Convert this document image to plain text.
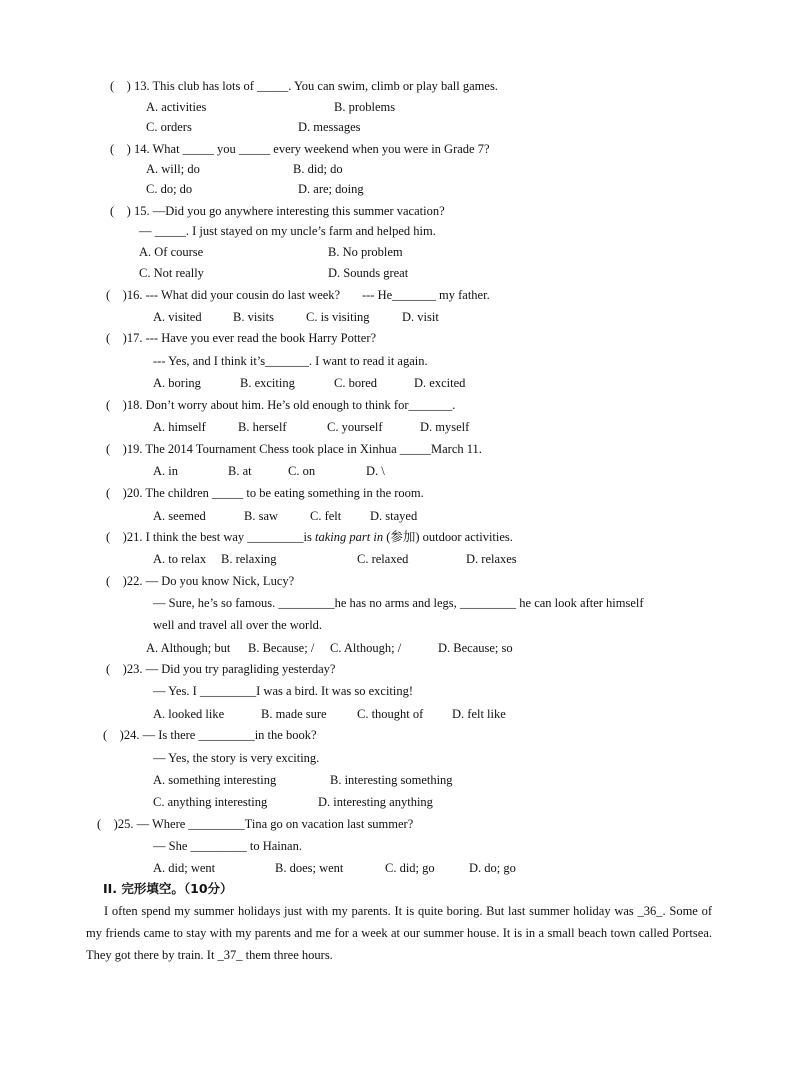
(    ) 13. This club has lots of _____. You can swim, climb or play ball games.
A. activities	B. problems
C. orders	D. messages
(    ) 14. What _____ you _____ every weekend when you were in Grade 7?
A. will; do	B. did; do
C. do; do	D. are; doing
(    ) 15. —Did you go anywhere interesting this summer vacation?
— _____. I just stayed on my uncle’s farm and helped him.
A. Of course	B. No problem
C. Not really	D. Sounds great
(    )16. --- What did your cousin do last week?       --- He_______ my father.
A. visited	B. visits	C. is visiting	D. visit
(    )17. --- Have you ever read the book Harry Potter?
--- Yes, and I think it’s_______. I want to read it again.
A. boring	B. exciting	C. bored	D. excited
(    )18. Don’t worry about him. He’s old enough to think for_______.
A. himself	B. herself	C. yourself	D. myself
(    )19. The 2014 Tournament Chess took place in Xinhua _____March 11.
A. in	B. at	C. on	D. \
(    )20. The children _____ to be eating something in the room.
A. seemed	B. saw	C. felt D. stayed
(    )21. I think the best way _________is taking part in (参加) outdoor activities.
A. to relax B. relaxing	C. relaxed	D. relaxes
(    )22. — Do you know Nick, Lucy?
— Sure, he’s so famous. _________he has no arms and legs, _________ he can look after himself
well and travel all over the world.
A. Although; but B. Because; / C. Although; /	D. Because; so
(    )23. — Did you try paragliding yesterday?
— Yes. I _________I was a bird. It was so exciting!
A. looked like	B. made sure C. thought of D. felt like
(    )24. — Is there _________in the book?
— Yes, the story is very exciting.
A. something interesting	B. interesting something
C. anything interesting	D. interesting anything
(    )25. — Where _________Tina go on vacation last summer?
— She _________ to Hainan.
A. did; went	B. does; went	C. did; go	D. do; go
II. 完形填空。（10分）

I often spend my summer holidays just with my parents. It is quite boring. But last summer holiday was _36_. Some of my friends came to stay with my parents and me for a week at our summer house. It is in a small beach town called Portsea. They got there by train. It _37_ them three hours.
